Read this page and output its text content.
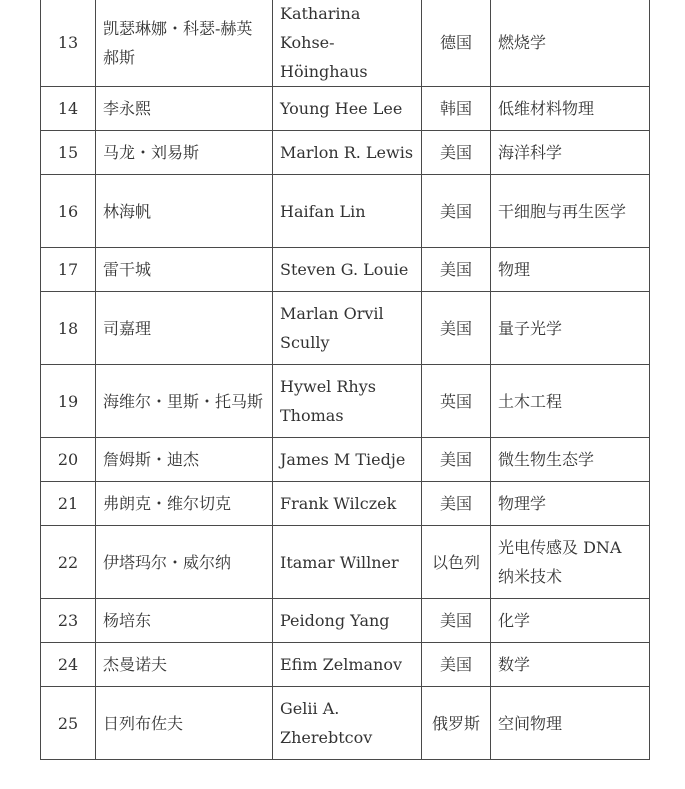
13	凯瑟琳娜・科瑟-赫英郝斯	Katharina Kohse-Höinghaus	德国	燃烧学
14	李永熙	Young Hee Lee	韩国	低维材料物理
15	马龙・刘易斯	Marlon R. Lewis	美国	海洋科学
16	林海帆	Haifan Lin	美国	干细胞与再生医学
17	雷干城	Steven G. Louie	美国	物理
18	司嘉理	Marlan Orvil Scully	美国	量子光学
19	海维尔・里斯・托马斯	Hywel Rhys Thomas	英国	土木工程
20	詹姆斯・迪杰	James M Tiedje	美国	微生物生态学
21	弗朗克・维尔切克	Frank Wilczek	美国	物理学
22	伊塔玛尔・威尔纳	Itamar Willner	以色列	光电传感及 DNA 纳米技术
23	杨培东	Peidong Yang	美国	化学
24	杰曼诺夫	Efim Zelmanov	美国	数学
25	日列布佐夫	Gelii A. Zherebtcov	俄罗斯	空间物理
